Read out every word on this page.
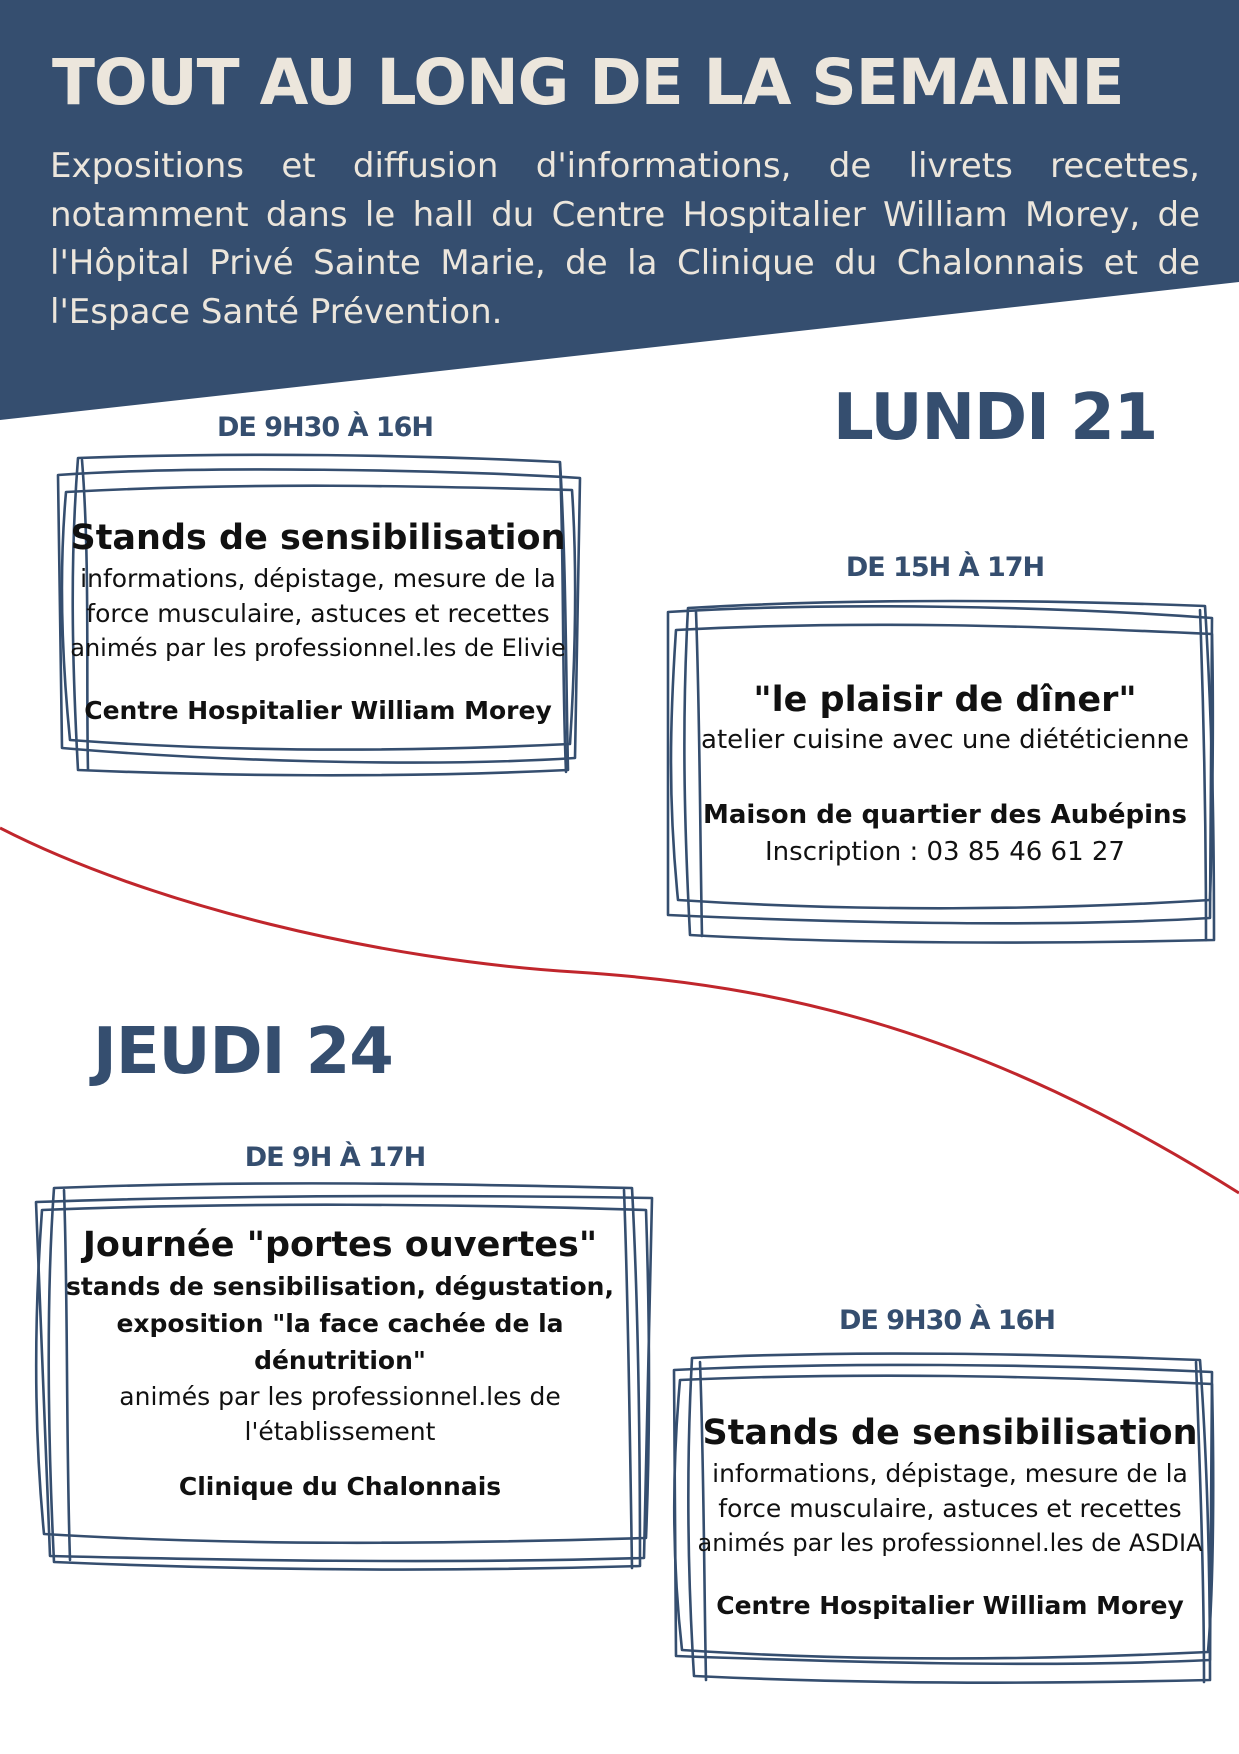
TOUT AU LONG DE LA SEMAINE
Expositions et diffusion d'informations, de livrets recettes, notamment dans le hall du Centre Hospitalier William Morey, de l'Hôpital Privé Sainte Marie, de la Clinique du Chalonnais et de l'Espace Santé Prévention.
LUNDI 21
DE 9H30 À 16H
Stands de sensibilisation
informations, dépistage, mesure de la
force musculaire, astuces et recettes
animés par les professionnel.les de Elivie
Centre Hospitalier William Morey
DE 15H À 17H
"le plaisir de dîner"
atelier cuisine avec une diététicienne
Maison de quartier des Aubépins
Inscription : 03 85 46 61 27
JEUDI 24
DE 9H À 17H
Journée "portes ouvertes"
stands de sensibilisation, dégustation,
exposition "la face cachée de la
dénutrition"
animés par les professionnel.les de
l'établissement
Clinique du Chalonnais
DE 9H30 À 16H
Stands de sensibilisation
informations, dépistage, mesure de la
force musculaire, astuces et recettes
animés par les professionnel.les de ASDIA
Centre Hospitalier William Morey
